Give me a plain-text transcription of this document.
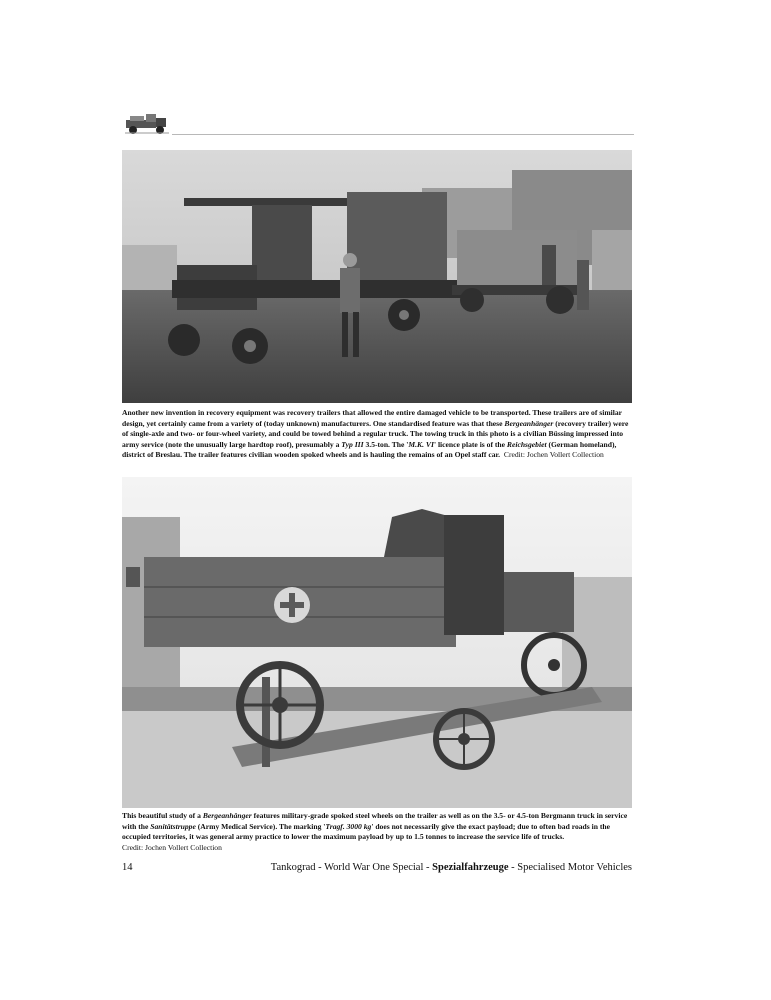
Another new invention in recovery equipment was recovery trailers that allowed the entire damaged vehicle to be transported. These trailers are of similar design, yet certainly came from a variety of (today unknown) manufacturers. One standardised feature was that these Bergeanhänger (recovery trailer) were of single-axle and two- or four-wheel variety, and could be towed behind a regular truck. The towing truck in this photo is a civilian Büssing impressed into army service (note the unusually large hardtop roof), presumably a Typ III 3.5-ton. The 'M.K. VI' licence plate is of the Reichsgebiet (German homeland), district of Breslau. The trailer features civilian wooden spoked wheels and is hauling the remains of an Opel staff car. Credit: Jochen Vollert Collection
This beautiful study of a Bergeanhänger features military-grade spoked steel wheels on the trailer as well as on the 3.5- or 4.5-ton Bergmann truck in service with the Sanitätstruppe (Army Medical Service). The marking 'Tragf. 3000 kg' does not necessarily give the exact payload; due to often bad roads in the occupied territories, it was general army practice to lower the maximum payload by up to 1.5 tonnes to increase the service life of trucks.
Credit: Jochen Vollert Collection
14	Tankograd - World War One Special - Spezialfahrzeuge - Specialised Motor Vehicles
